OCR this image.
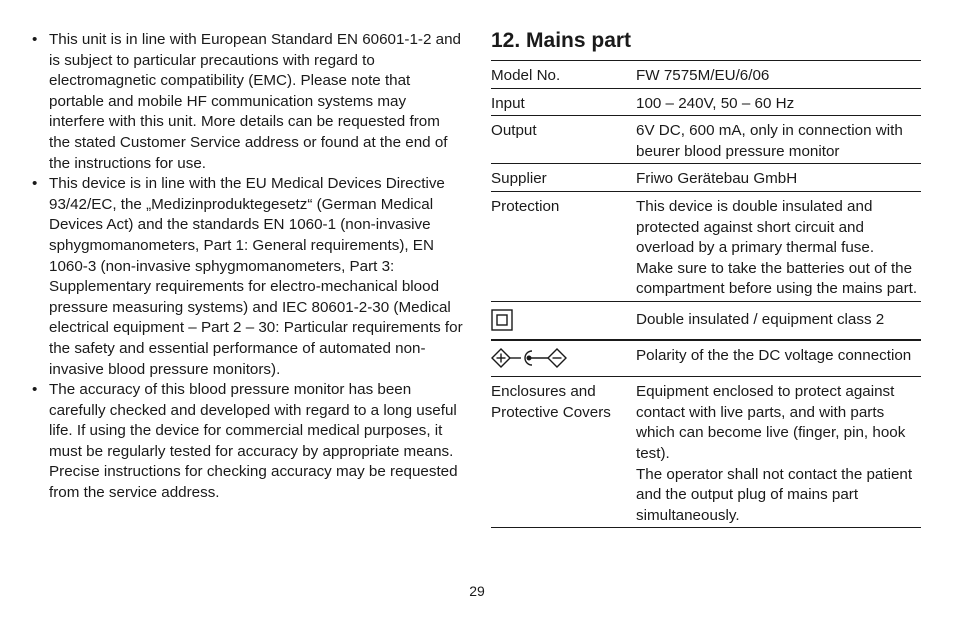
• This unit is in line with European Standard EN 60601-1-2 and is subject to particular precautions with regard to electromagnetic compatibility (EMC). Please note that portable and mobile HF communication systems may interfere with this unit. More details can be requested from the stated Customer Service address or found at the end of the instructions for use.
• This device is in line with the EU Medical Devices Directive 93/42/EC, the „Medizinproduktegesetz“ (German Medical Devices Act) and the standards EN 1060-1 (non-invasive sphygmomanometers, Part 1: General requirements), EN 1060-3 (non-invasive sphygmomanometers, Part 3: Supplementary requirements for electro-mechanical blood pressure measuring systems) and IEC 80601-2-30 (Medical electrical equipment – Part 2 – 30: Particular requirements for the safety and essential performance of automated non-invasive blood pressure monitors).
• The accuracy of this blood pressure monitor has been carefully checked and developed with regard to a long useful life. If using the device for commercial medical purposes, it must be regularly tested for accuracy by appropriate means. Precise instructions for checking accuracy may be requested from the service address.
12. Mains part
Model No.	FW 7575M/EU/6/06
Input	100 – 240V, 50 – 60 Hz
Output	6V DC, 600 mA, only in connection with beurer blood pressure monitor
Supplier	Friwo Gerätebau GmbH
Protection	This device is double insulated and protected against short circuit and overload by a primary thermal fuse.
Make sure to take the batteries out of the compartment before using the mains part.
	Double insulated / equipment class 2
	Polarity of the the DC voltage connection
Enclosures and Protective Covers	Equipment enclosed to protect against contact with live parts, and with parts which can become live (finger, pin, hook test).
The operator shall not contact the patient and the output plug of mains part simultaneously.
29
